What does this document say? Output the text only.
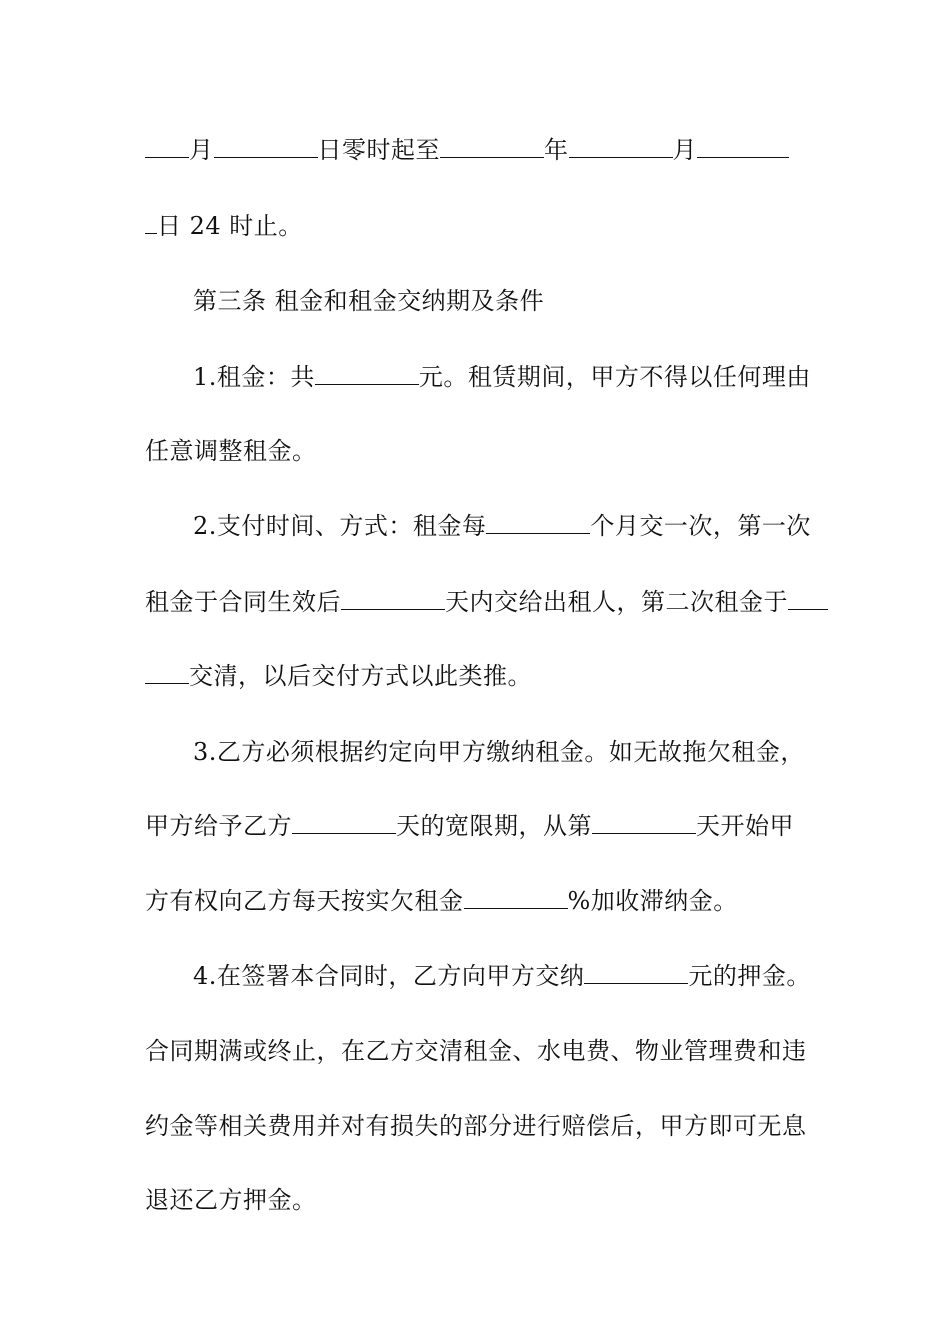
月	日零时起至	年	月
日 24 时止。
第三条 租金和租金交纳期及条件
1.租金：共	元。租赁期间，甲方不得以任何理由
任意调整租金。
2.支付时间、方式：租金每	个月交一次，第一次
租金于合同生效后	天内交给出租人，第二次租金于
交清，以后交付方式以此类推。
3.乙方必须根据约定向甲方缴纳租金。如无故拖欠租金，
甲方给予乙方	天的宽限期，从第	天开始甲
方有权向乙方每天按实欠租金	%加收滞纳金。
4.在签署本合同时，乙方向甲方交纳	元的押金。
合同期满或终止，在乙方交清租金、水电费、物业管理费和违
约金等相关费用并对有损失的部分进行赔偿后，甲方即可无息
退还乙方押金。
